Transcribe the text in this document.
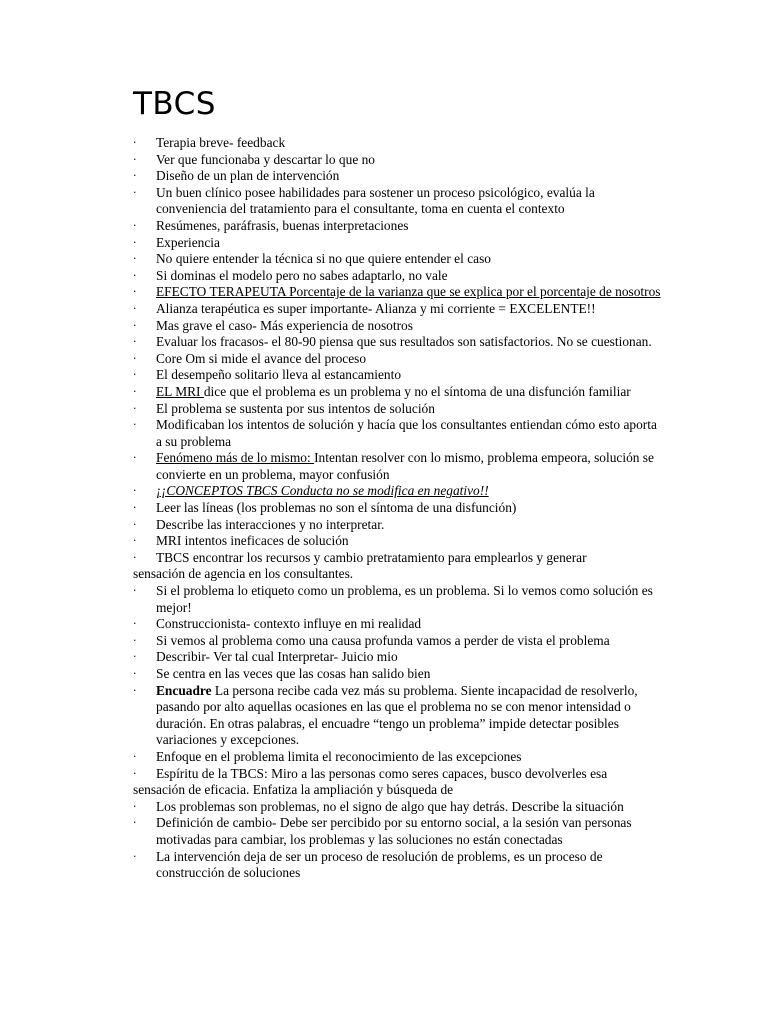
TBCS
·	Terapia breve- feedback
·	Ver que funcionaba y descartar lo que no
·	Diseño de un plan de intervención
·	Un buen clínico posee habilidades para sostener un proceso psicológico, evalúa la conveniencia del tratamiento para el consultante, toma en cuenta el contexto
·	Resúmenes, paráfrasis, buenas interpretaciones
·	Experiencia
·	No quiere entender la técnica si no que quiere entender el caso
·	Si dominas el modelo pero no sabes adaptarlo, no vale
·	EFECTO TERAPEUTA Porcentaje de la varianza que se explica por el porcentaje de nosotros
·	Alianza terapéutica es super importante- Alianza y mi corriente = EXCELENTE!!
·	Mas grave el caso- Más experiencia de nosotros
·	Evaluar los fracasos- el 80-90 piensa que sus resultados son satisfactorios. No se cuestionan.
·	Core Om si mide el avance del proceso
·	El desempeño solitario lleva al estancamiento
·	EL MRI dice que el problema es un problema y no el síntoma de una disfunción familiar
·	El problema se sustenta por sus intentos de solución
·	Modificaban los intentos de solución y hacía que los consultantes entiendan cómo esto aporta a su problema
·	Fenómeno más de lo mismo: Intentan resolver con lo mismo, problema empeora, solución se convierte en un problema, mayor confusión
·	¡¡CONCEPTOS TBCS Conducta no se modifica en negativo!!
·	Leer las líneas (los problemas no son el síntoma de una disfunción)
·	Describe las interacciones y no interpretar.
·	MRI intentos ineficaces de solución
·	TBCS encontrar los recursos y cambio pretratamiento para emplearlos y generar
sensación de agencia en los consultantes.
·	Si el problema lo etiqueto como un problema, es un problema. Si lo vemos como solución es mejor!
·	Construccionista- contexto influye en mi realidad
·	Si vemos al problema como una causa profunda vamos a perder de vista el problema
·	Describir- Ver tal cual Interpretar- Juicio mio
·	Se centra en las veces que las cosas han salido bien
·	Encuadre La persona recibe cada vez más su problema. Siente incapacidad de resolverlo, pasando por alto aquellas ocasiones en las que el problema no se con menor intensidad o duración. En otras palabras, el encuadre “tengo un problema” impide detectar posibles variaciones y excepciones.
·	Enfoque en el problema limita el reconocimiento de las excepciones
·	Espíritu de la TBCS: Miro a las personas como seres capaces, busco devolverles esa
sensación de eficacia. Enfatiza la ampliación y búsqueda de
·	Los problemas son problemas, no el signo de algo que hay detrás. Describe la situación
·	Definición de cambio- Debe ser percibido por su entorno social, a la sesión van personas motivadas para cambiar, los problemas y las soluciones no están conectadas
·	La intervención deja de ser un proceso de resolución de problems, es un proceso de construcción de soluciones
